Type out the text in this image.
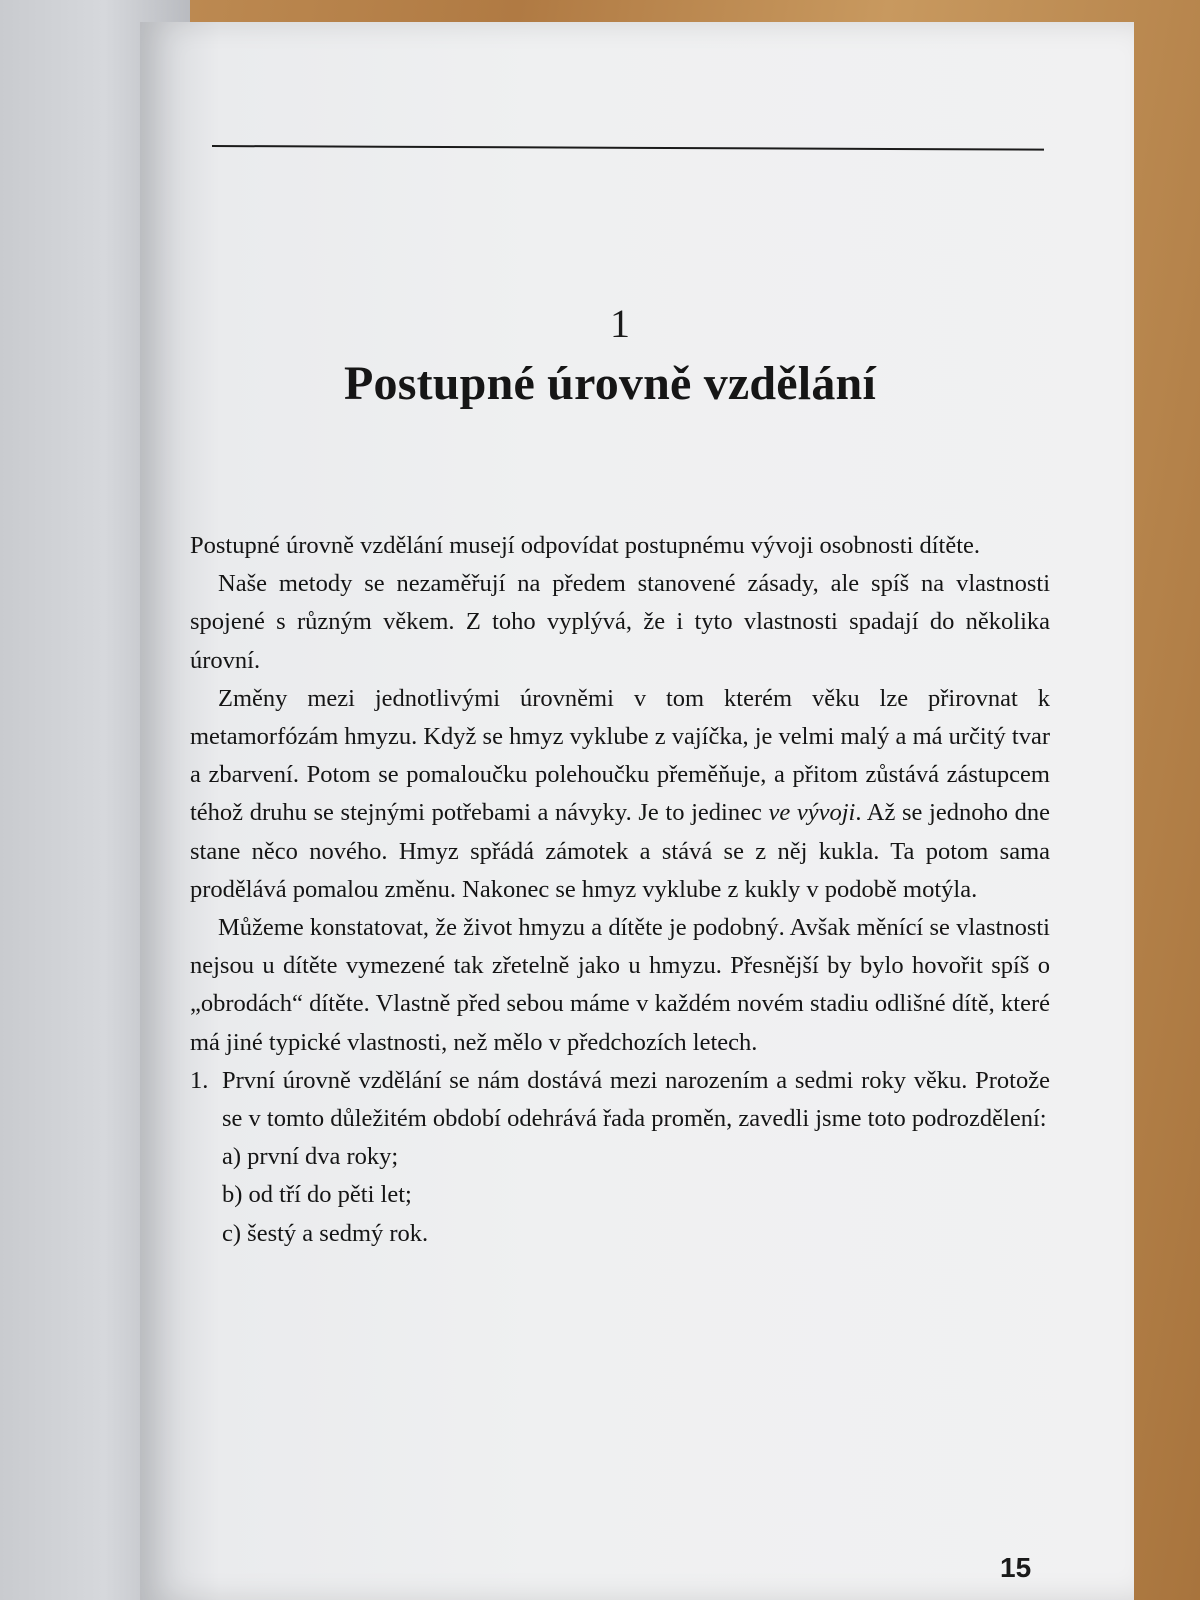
1
Postupné úrovně vzdělání

Postupné úrovně vzdělání musejí odpovídat postupnému vývoji osobnosti dítěte.

Naše metody se nezaměřují na předem stanovené zásady, ale spíš na vlastnosti spojené s různým věkem. Z toho vyplývá, že i tyto vlastnosti spadají do několika úrovní.

Změny mezi jednotlivými úrovněmi v tom kterém věku lze přirovnat k metamorfózám hmyzu. Když se hmyz vyklube z vajíčka, je velmi malý a má určitý tvar a zbarvení. Potom se pomaloučku polehoučku přeměňuje, a přitom zůstává zástupcem téhož druhu se stejnými potřebami a návyky. Je to jedinec ve vývoji. Až se jednoho dne stane něco nového. Hmyz spřádá zámotek a stává se z něj kukla. Ta potom sama prodělává pomalou změnu. Nakonec se hmyz vyklube z kukly v podobě motýla.

Můžeme konstatovat, že život hmyzu a dítěte je podobný. Avšak měnící se vlastnosti nejsou u dítěte vymezené tak zřetelně jako u hmyzu. Přesnější by bylo hovořit spíš o „obrodách“ dítěte. Vlastně před sebou máme v každém novém stadiu odlišné dítě, které má jiné typické vlastnosti, než mělo v předchozích letech.

1. První úrovně vzdělání se nám dostává mezi narozením a sedmi roky věku. Protože se v tomto důležitém období odehrává řada proměn, zavedli jsme toto podrozdělení:

a) první dva roky;

b) od tří do pěti let;

c) šestý a sedmý rok.

15
